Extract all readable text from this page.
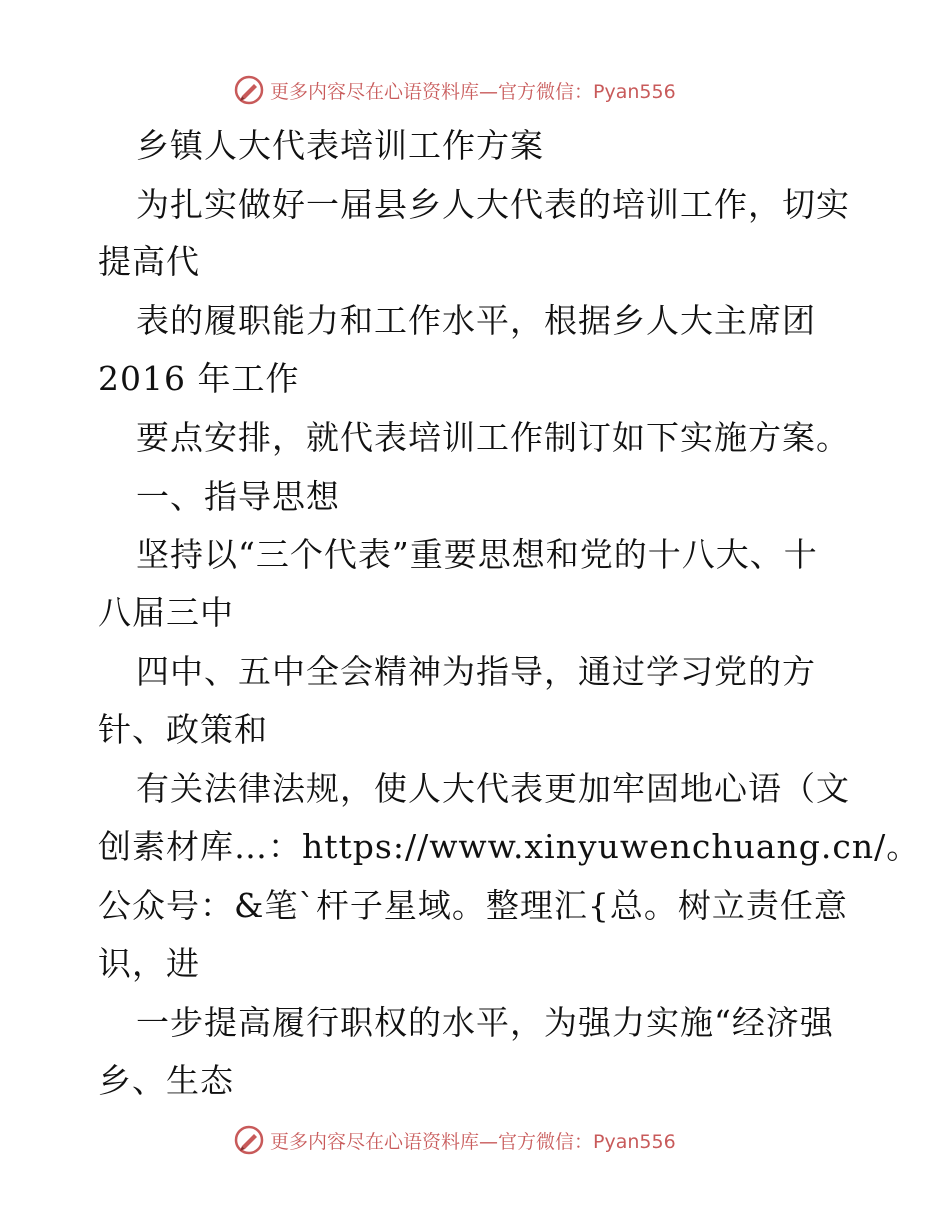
更多内容尽在心语资料库—官方微信：Pyan556
乡镇人大代表培训工作方案
为扎实做好一届县乡人大代表的培训工作，切实
提高代
表的履职能力和工作水平，根据乡人大主席团
2016 年工作
要点安排，就代表培训工作制订如下实施方案。
一、指导思想
坚持以“三个代表”重要思想和党的十八大、十
八届三中
四中、五中全会精神为指导，通过学习党的方
针、政策和
有关法律法规，使人大代表更加牢固地心语（文
创素材库…：https://www.xinyuwenchuang.cn/。
公众号：&笔`杆子星域。整理汇{总。树立责任意
识，进
一步提高履行职权的水平，为强力实施“经济强
乡、生态
更多内容尽在心语资料库—官方微信：Pyan556
